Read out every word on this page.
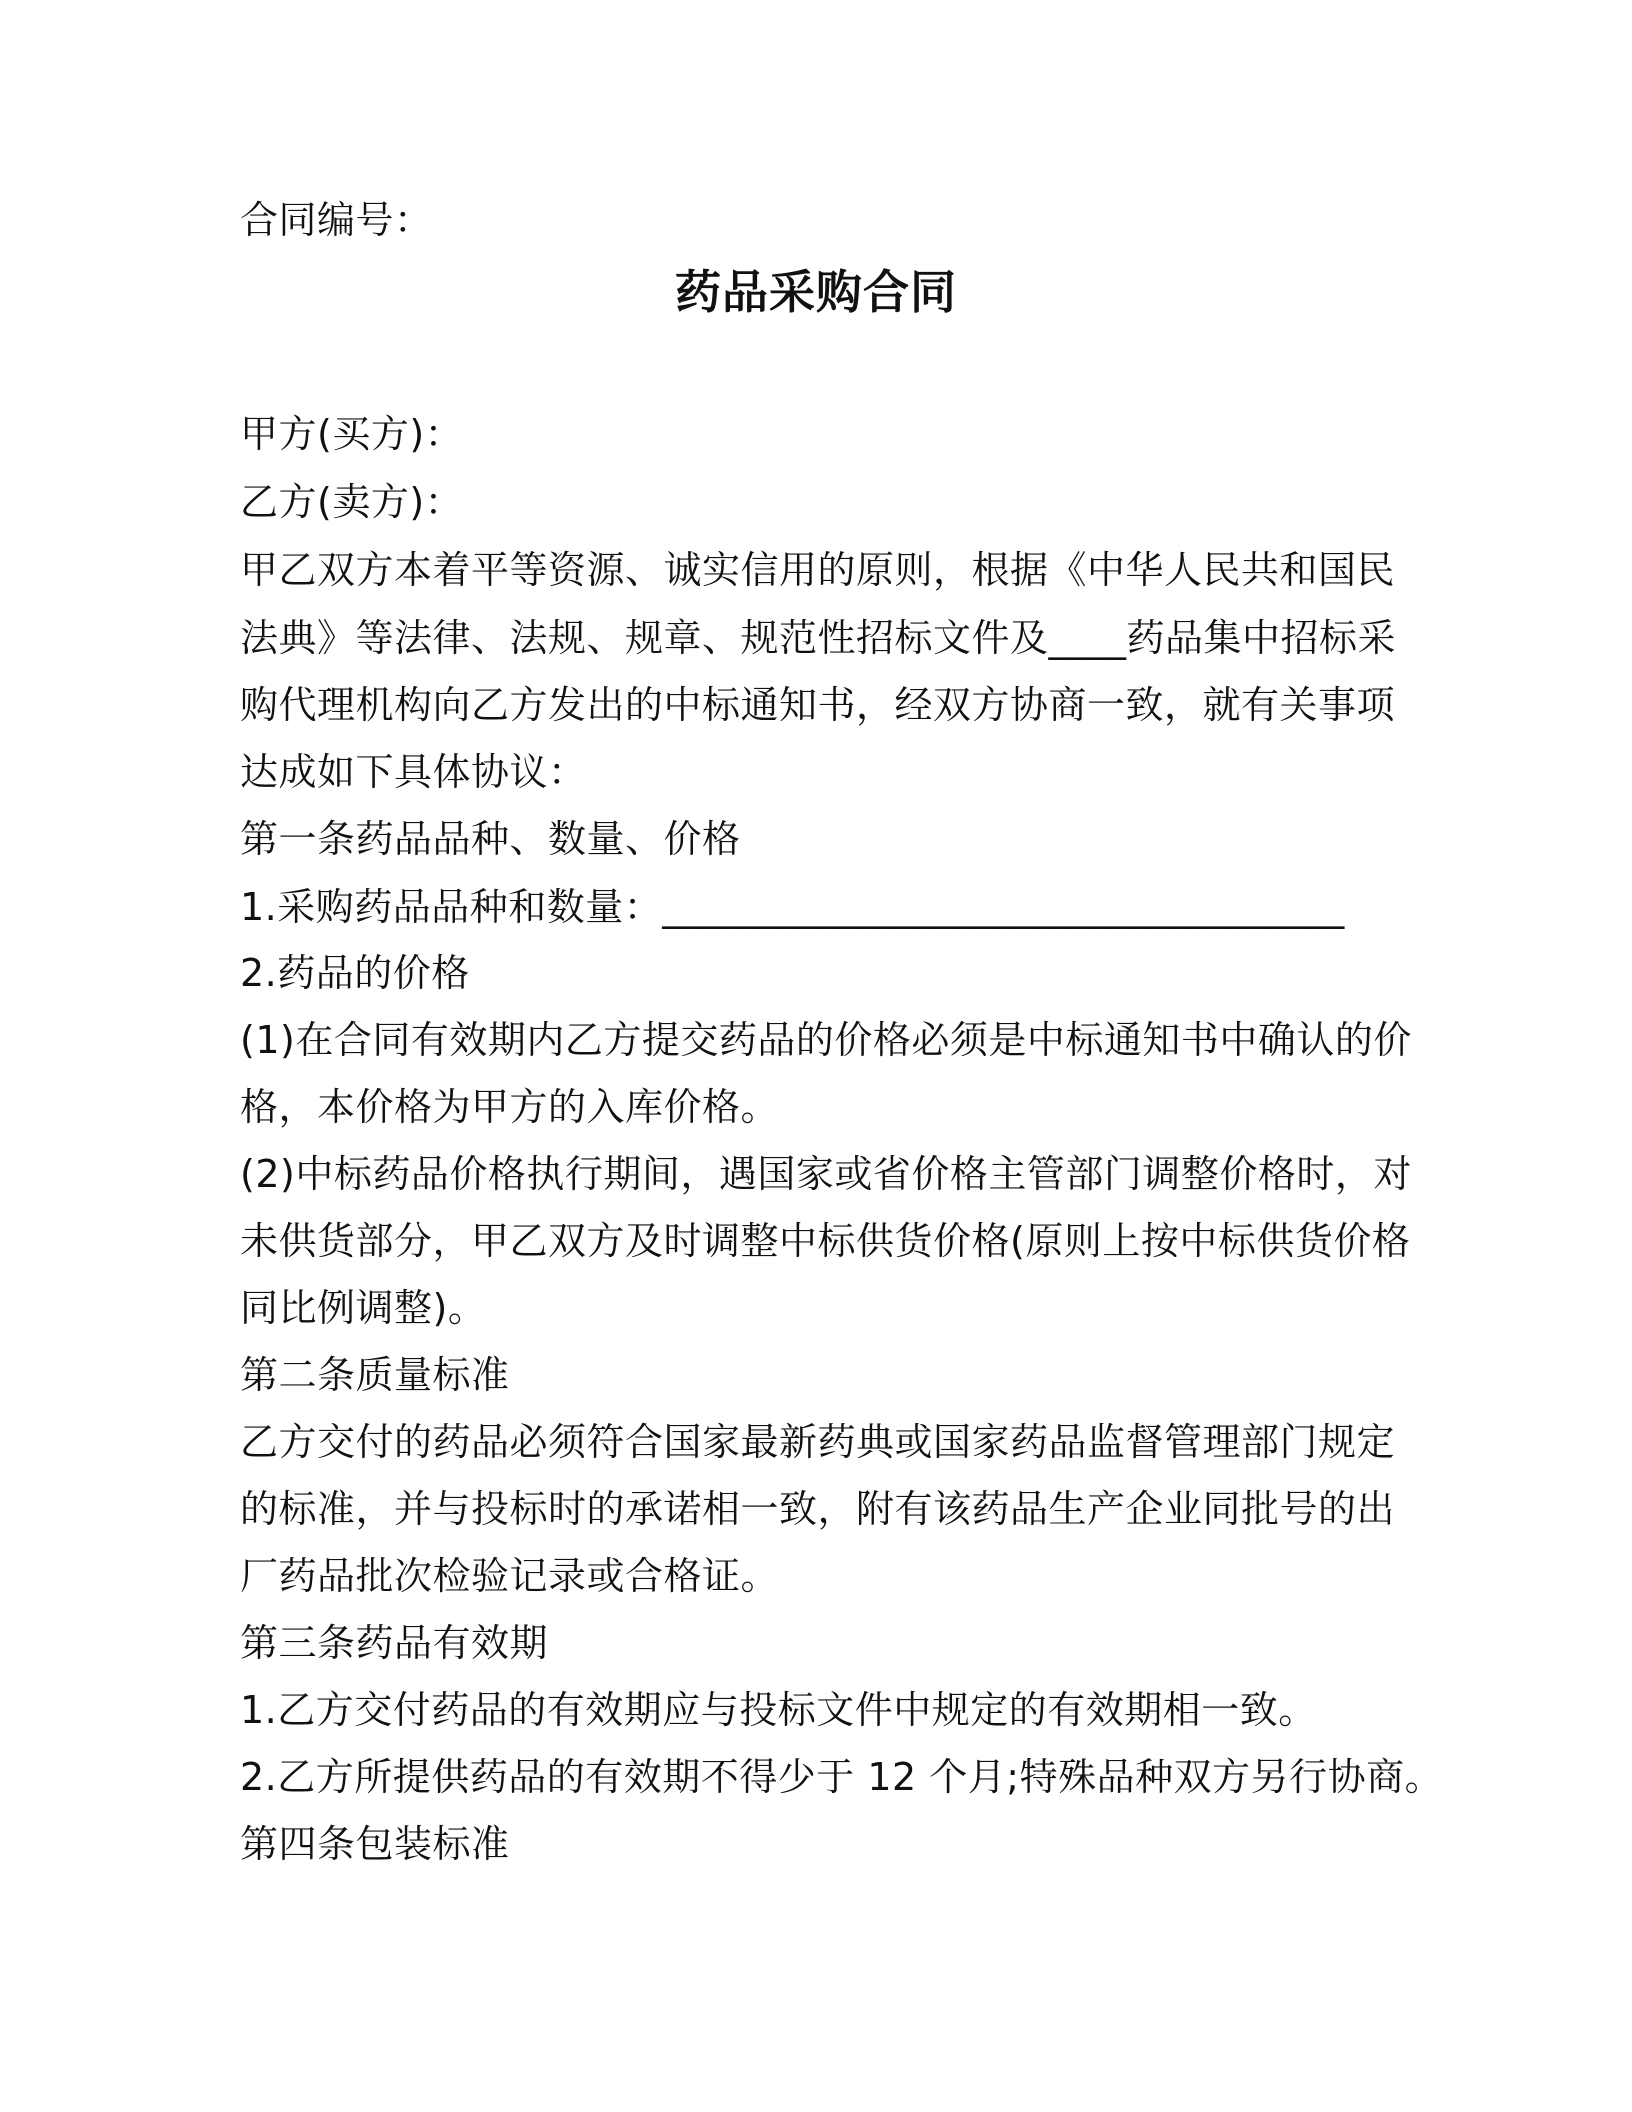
合同编号：
药品采购合同
甲方(买方)：
乙方(卖方)：
甲乙双方本着平等资源、诚实信用的原则，根据《中华人民共和国民
法典》等法律、法规、规章、规范性招标文件及____药品集中招标采
购代理机构向乙方发出的中标通知书，经双方协商一致，就有关事项
达成如下具体协议：
第一条药品品种、数量、价格
1.采购药品品种和数量：___________________________________
2.药品的价格
(1)在合同有效期内乙方提交药品的价格必须是中标通知书中确认的价
格，本价格为甲方的入库价格。
(2)中标药品价格执行期间，遇国家或省价格主管部门调整价格时，对
未供货部分，甲乙双方及时调整中标供货价格(原则上按中标供货价格
同比例调整)。
第二条质量标准
乙方交付的药品必须符合国家最新药典或国家药品监督管理部门规定
的标准，并与投标时的承诺相一致，附有该药品生产企业同批号的出
厂药品批次检验记录或合格证。
第三条药品有效期
1.乙方交付药品的有效期应与投标文件中规定的有效期相一致。
2.乙方所提供药品的有效期不得少于 12 个月;特殊品种双方另行协商。
第四条包装标准
